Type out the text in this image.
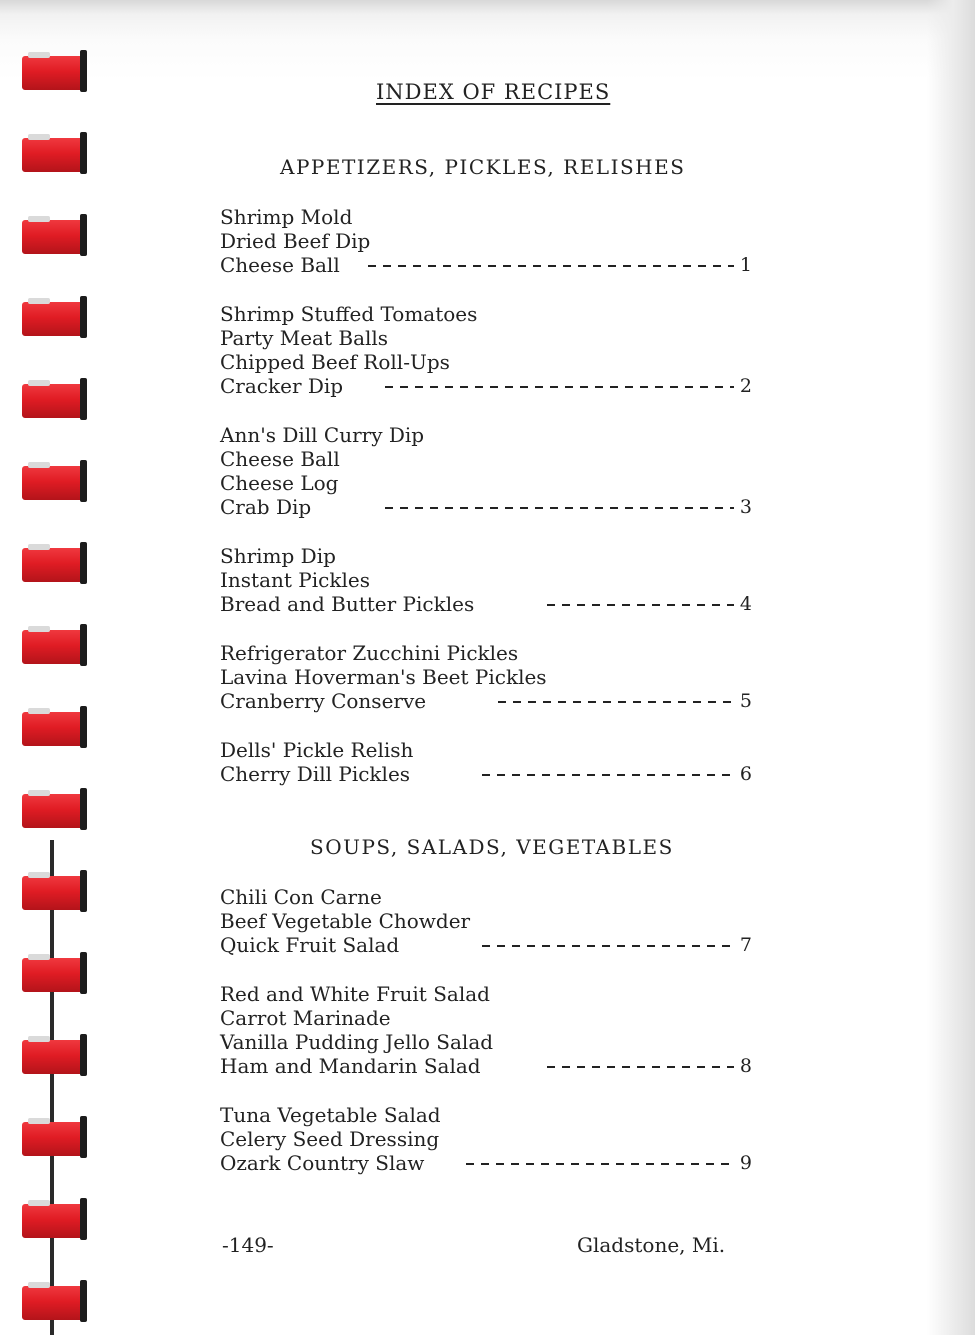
INDEX OF RECIPES
APPETIZERS, PICKLES, RELISHES
Shrimp Mold
Dried Beef Dip
Cheese Ball	1
Shrimp Stuffed Tomatoes
Party Meat Balls
Chipped Beef Roll-Ups
Cracker Dip	2
Ann's Dill Curry Dip
Cheese Ball
Cheese Log
Crab Dip	3
Shrimp Dip
Instant Pickles
Bread and Butter Pickles	4
Refrigerator Zucchini Pickles
Lavina Hoverman's Beet Pickles
Cranberry Conserve	5
Dells' Pickle Relish
Cherry Dill Pickles	6
SOUPS, SALADS, VEGETABLES
Chili Con Carne
Beef Vegetable Chowder
Quick Fruit Salad	7
Red and White Fruit Salad
Carrot Marinade
Vanilla Pudding Jello Salad
Ham and Mandarin Salad	8
Tuna Vegetable Salad
Celery Seed Dressing
Ozark Country Slaw	9
-149-	Gladstone, Mi.
